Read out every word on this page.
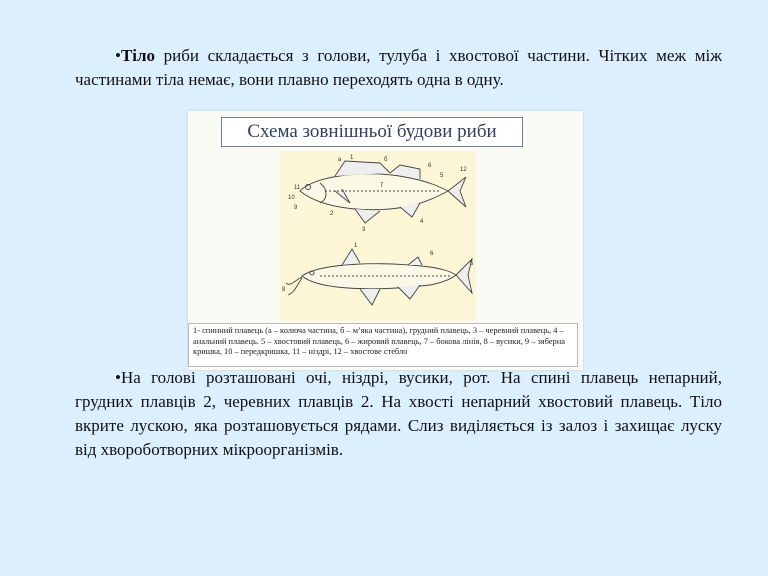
•Тіло риби складається з голови, тулуба і хвостової частини. Чітких меж між частинами тіла немає, вони плавно переходять одна в одну.

Схема зовнішньої будови риби
1
а	б
7
6
5
12
11
10
9
2
3
4
1
6
5
8
1- спинний плавець (а – колюча частина, б – м’яка частина), грудний плавець, 3 – черевний плавець, 4 – анальний плавець. 5 – хвостовий плавець, 6 – жировий плавець, 7 – бокова лінія, 8 – вусики, 9 – зяберна кришка, 10 – передкришка, 11 – ніздрі, 12 – хвостове стебло

•На голові розташовані очі, ніздрі, вусики, рот. На спині плавець непарний, грудних плавців 2, черевних плавців 2. На хвості непарний хвостовий плавець. Тіло вкрите лускою, яка розташовується рядами. Слиз виділяється із залоз і захищає луску від хвороботворних мікроорганізмів.
